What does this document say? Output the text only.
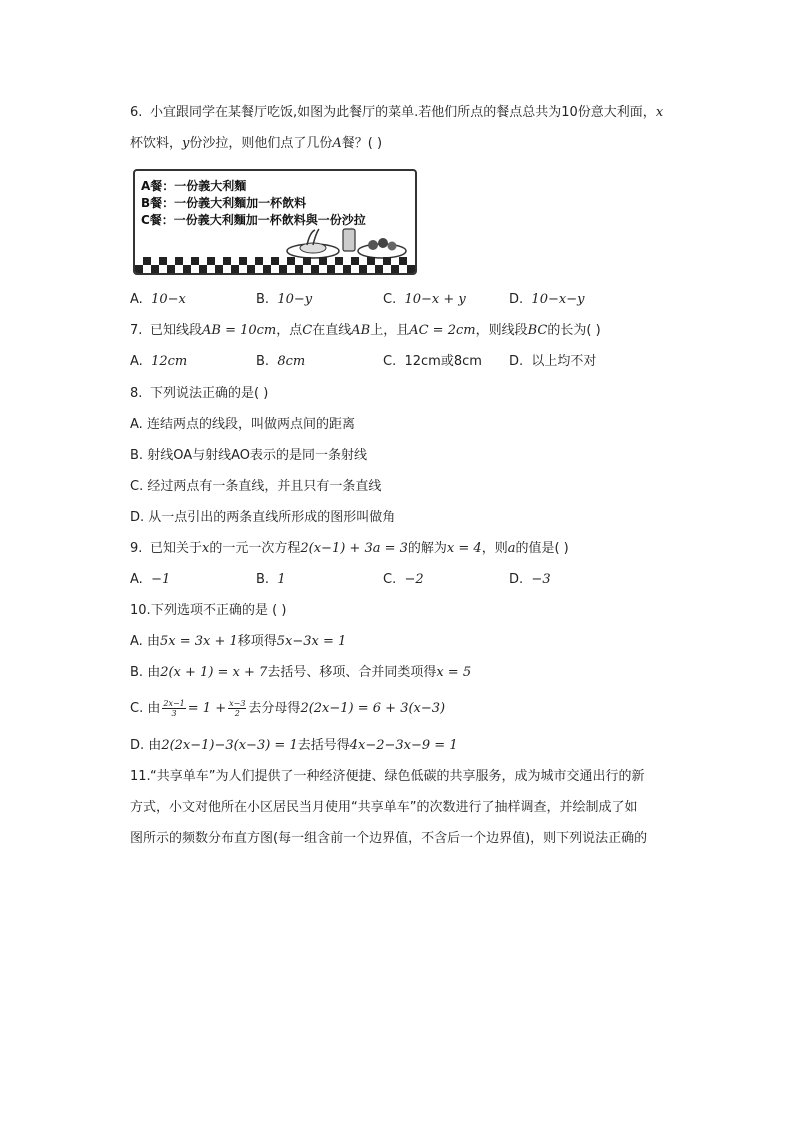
6. 小宜跟同学在某餐厅吃饭,如图为此餐厅的菜单.若他们所点的餐点总共为10份意大利面，x
杯饮料，y份沙拉，则他们点了几份A餐？( )
A餐：一份義大利麵
B餐：一份義大利麵加一杯飲料
C餐：一份義大利麵加一杯飲料與一份沙拉
A. 10−x	B. 10−y	C. 10−x + y	D. 10−x−y
7. 已知线段AB = 10cm，点C在直线AB上，且AC = 2cm，则线段BC的长为( )
A. 12cm	B. 8cm	C. 12cm或8cm D. 以上均不对
8. 下列说法正确的是( )
A. 连结两点的线段，叫做两点间的距离
B. 射线OA与射线AO表示的是同一条射线
C. 经过两点有一条直线，并且只有一条直线
D. 从一点引出的两条直线所形成的图形叫做角
9. 已知关于x的一元一次方程2(x−1) + 3a = 3的解为x = 4，则a的值是( )
A. −1	B. 1	C. −2	D. −3
10. 下列选项不正确的是 ( )
A. 由5x = 3x + 1移项得5x−3x = 1
B. 由2(x + 1) = x + 7去括号、移项、合并同类项得x = 5
C. 由 $\frac{2x-1}{3} = 1 + \frac{x-3}{2}$ 去分母得2(2x−1) = 6 + 3(x−3)
D. 由2(2x−1)−3(x−3) = 1去括号得4x−2−3x−9 = 1
11. “共享单车”为人们提供了一种经济便捷、绿色低碳的共享服务，成为城市交通出行的新
方式，小文对他所在小区居民当月使用“共享单车”的次数进行了抽样调查，并绘制成了如
图所示的频数分布直方图(每一组含前一个边界值，不含后一个边界值)，则下列说法正确的
